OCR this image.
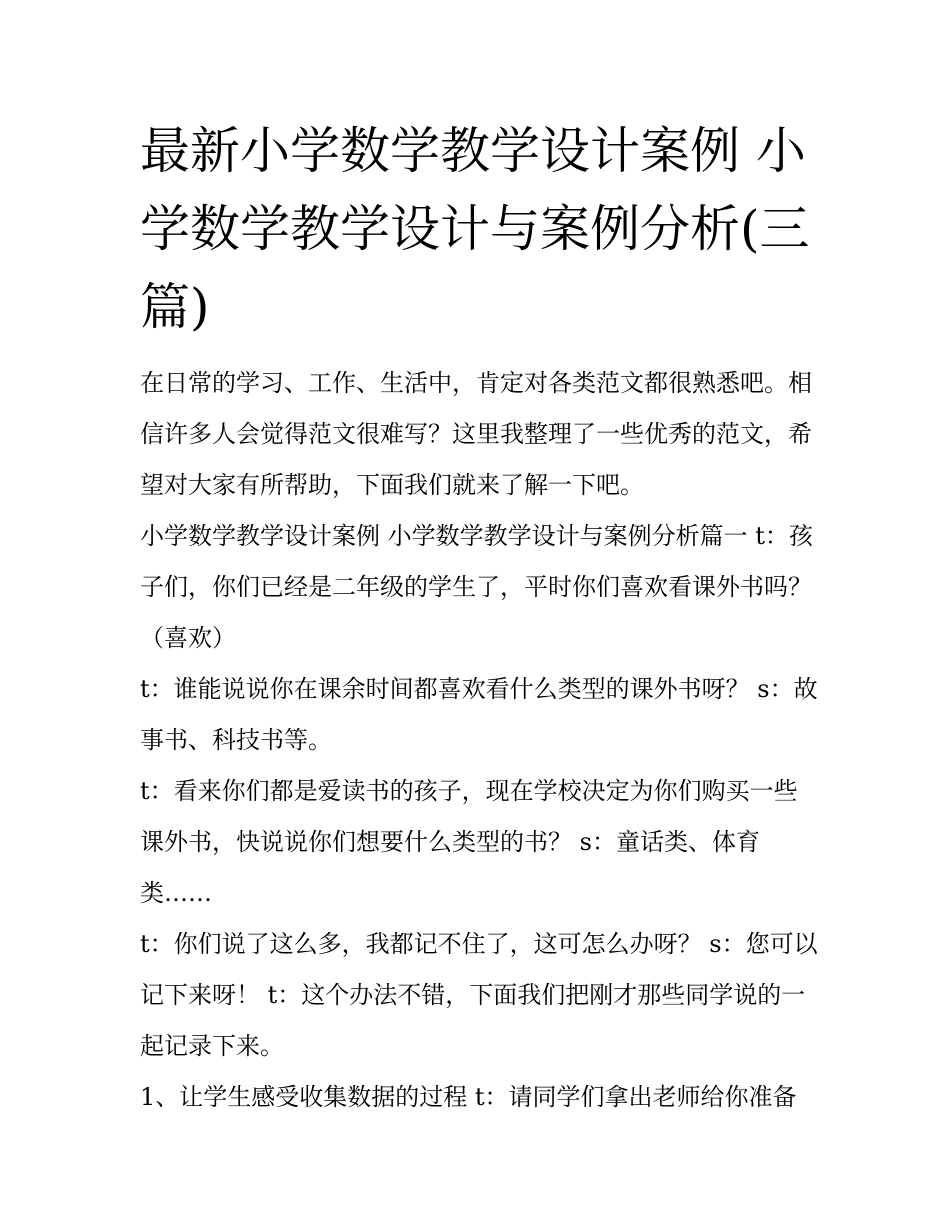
最新小学数学教学设计案例 小学数学教学设计与案例分析(三篇)

在日常的学习、工作、生活中，肯定对各类范文都很熟悉吧。相信许多人会觉得范文很难写？这里我整理了一些优秀的范文，希望对大家有所帮助，下面我们就来了解一下吧。

小学数学教学设计案例 小学数学教学设计与案例分析篇一 t：孩子们，你们已经是二年级的学生了，平时你们喜欢看课外书吗？（喜欢）

t：谁能说说你在课余时间都喜欢看什么类型的课外书呀？ s：故事书、科技书等。

t：看来你们都是爱读书的孩子，现在学校决定为你们购买一些课外书，快说说你们想要什么类型的书？ s：童话类、体育类……

t：你们说了这么多，我都记不住了，这可怎么办呀？ s：您可以记下来呀！ t：这个办法不错，下面我们把刚才那些同学说的一起记录下来。

1、让学生感受收集数据的过程 t：请同学们拿出老师给你准备
